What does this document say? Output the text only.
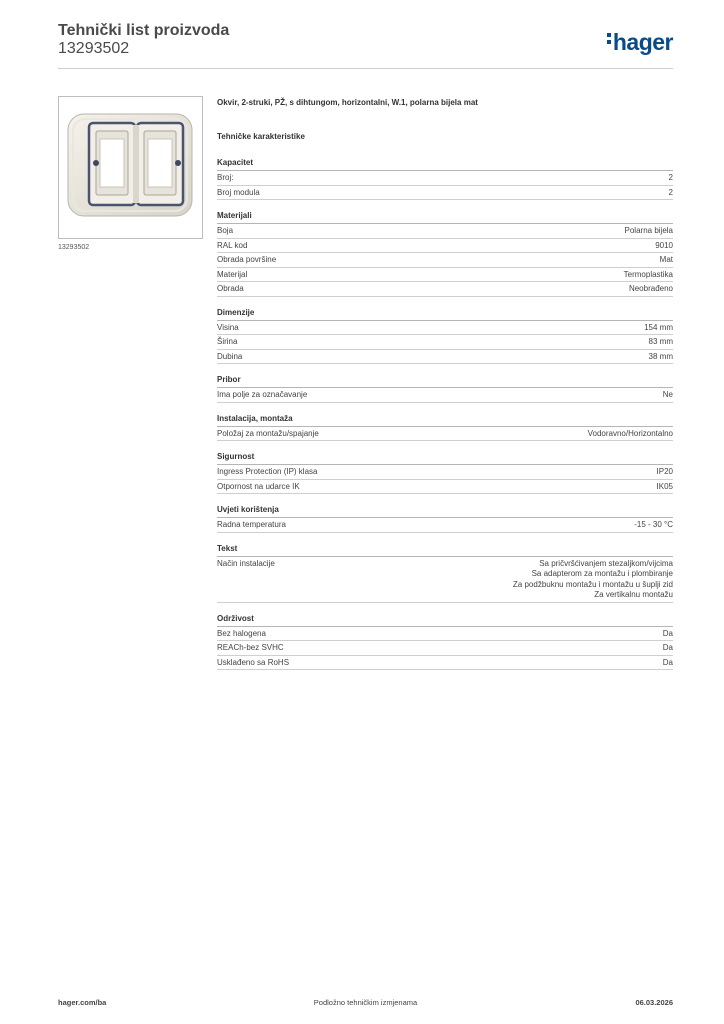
Tehnički list proizvoda
13293502	hager
13293502
Okvir, 2-struki, PŽ, s dihtungom, horizontalni, W.1, polarna bijela mat
Tehničke karakteristike
Kapacitet
Broj:	2
Broj modula	2
Materijali
Boja	Polarna bijela
RAL kod	9010
Obrada površine	Mat
Materijal	Termoplastika
Obrada	Neobrađeno
Dimenzije
Visina	154 mm
Širina	83 mm
Dubina	38 mm
Pribor
Ima polje za označavanje	Ne
Instalacija, montaža
Položaj za montažu/spajanje	Vodoravno/Horizontalno
Sigurnost
Ingress Protection (IP) klasa	IP20
Otpornost na udarce IK	IK05
Uvjeti korištenja
Radna temperatura	-15 - 30 °C
Tekst
Način instalacije	Sa pričvršćivanjem stezaljkom/vijcima
Sa adapterom za montažu i plombiranje
Za podžbuknu montažu i montažu u šuplji zid
Za vertikalnu montažu
Održivost
Bez halogena	Da
REACh-bez SVHC	Da
Usklađeno sa RoHS	Da
hager.com/ba	Podložno tehničkim izmjenama	06.03.2026
